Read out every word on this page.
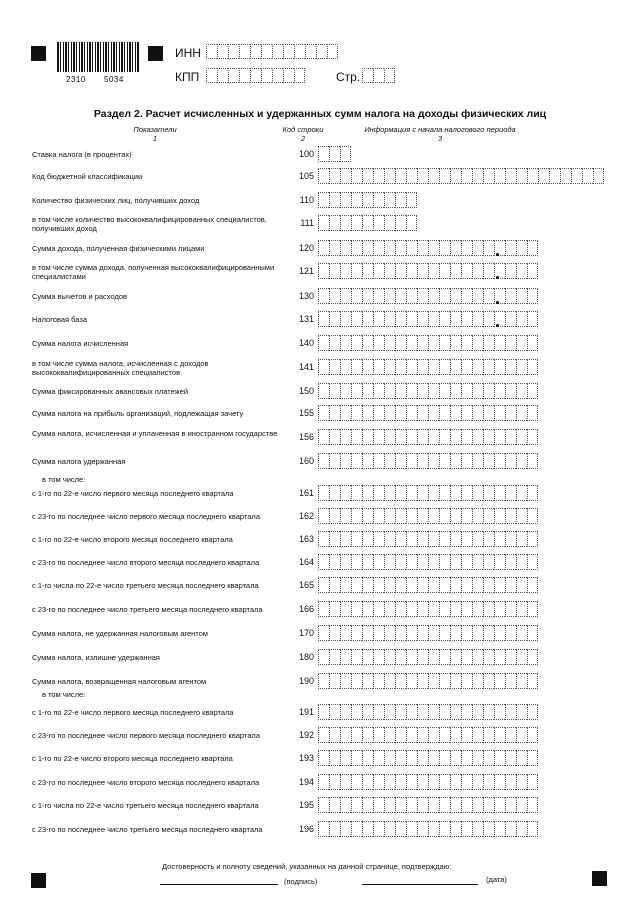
2310 5034
ИНН
КПП	Стр.
Раздел 2. Расчет исчисленных и удержанных сумм налога на доходы физических лиц
Показатели
1
Код строки
2
Информация с начала налогового периода
3
Ставка налога (в процентах)	100
Код бюджетной классификации	105
Количество физических лиц, получивших доход	110
в том числе количество высококвалифицированных специалистов, получивших доход
111
Сумма дохода, полученная физическими лицами	120
в том числе сумма дохода, полученная высококвалифицированными специалистами
121
Сумма вычетов и расходов	130
Налоговая база	131
Сумма налога исчисленная	140
в том числе сумма налога, исчисленная с доходов высококвалифицированных специалистов
141
Сумма фиксированных авансовых платежей	150
Сумма налога на прибыль организаций, подлежащая зачету	155
Сумма налога, исчисленная и уплаченная в иностранном государстве	156
Сумма налога удержанная	160
с 1-го по 22-е число первого месяца последнего квартала	161
с 23-го по последнее число первого месяца последнего квартала	162
с 1-го по 22-е число второго месяца последнего квартала	163
с 23-го по последнее число второго месяца последнего квартала	164
с 1-го числа по 22-е число третьего месяца последнего квартала	165
с 23-го по последнее число третьего месяца последнего квартала	166
Сумма налога, не удержанная налоговым агентом	170
Сумма налога, излишне удержанная	180
Сумма налога, возвращенная налоговым агентом	190
с 1-го по 22-е число первого месяца последнего квартала	191
с 23-го по последнее число первого месяца последнего квартала	192
с 1-го по 22-е число второго месяца последнего квартала	193
с 23-го по последнее число второго месяца последнего квартала	194
с 1-го числа по 22-е число третьего месяца последнего квартала	195
с 23-го по последнее число третьего месяца последнего квартала	196
в том числе:
в том числе:
Достоверность и полноту сведений, указанных на данной странице, подтверждаю:
(подпись)	(дата)
